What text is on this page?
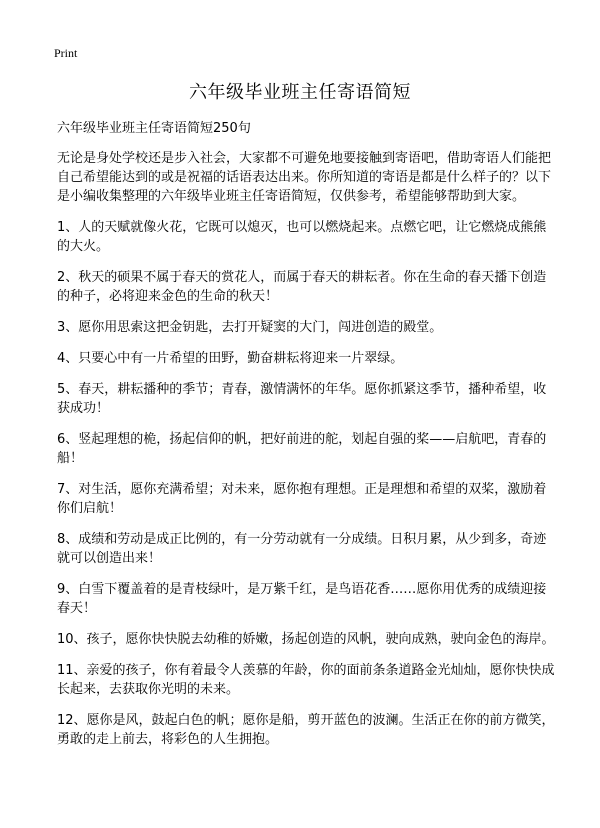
Print
六年级毕业班主任寄语简短

六年级毕业班主任寄语简短250句

无论是身处学校还是步入社会，大家都不可避免地要接触到寄语吧，借助寄语人们能把自己希望能达到的或是祝福的话语表达出来。你所知道的寄语是都是什么样子的？以下是小编收集整理的六年级毕业班主任寄语简短，仅供参考，希望能够帮助到大家。

1、人的天赋就像火花，它既可以熄灭，也可以燃烧起来。点燃它吧，让它燃烧成熊熊的大火。

2、秋天的硕果不属于春天的赏花人，而属于春天的耕耘者。你在生命的春天播下创造的种子，必将迎来金色的生命的秋天！

3、愿你用思索这把金钥匙，去打开疑窦的大门，闯进创造的殿堂。

4、只要心中有一片希望的田野，勤奋耕耘将迎来一片翠绿。

5、春天，耕耘播种的季节；青春，激情满怀的年华。愿你抓紧这季节，播种希望，收获成功！

6、竖起理想的桅，扬起信仰的帆，把好前进的舵，划起自强的桨——启航吧，青春的船！

7、对生活，愿你充满希望；对未来，愿你抱有理想。正是理想和希望的双桨，激励着你们启航！

8、成绩和劳动是成正比例的，有一分劳动就有一分成绩。日积月累，从少到多，奇迹就可以创造出来！

9、白雪下覆盖着的是青枝绿叶，是万紫千红，是鸟语花香……愿你用优秀的成绩迎接春天！

10、孩子，愿你快快脱去幼稚的娇嫩，扬起创造的风帆，驶向成熟，驶向金色的海岸。

11、亲爱的孩子，你有着最令人羡慕的年龄，你的面前条条道路金光灿灿，愿你快快成长起来，去获取你光明的未来。

12、愿你是风，鼓起白色的帆；愿你是船，剪开蓝色的波澜。生活正在你的前方微笑，勇敢的走上前去，将彩色的人生拥抱。
